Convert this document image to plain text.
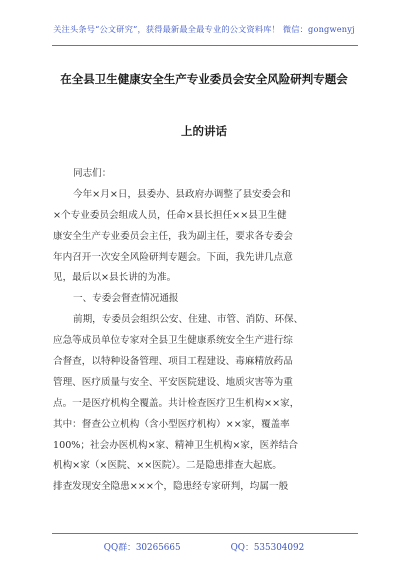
关注头条号“公文研究”，获得最新最全最专业的公文资料库！ 微信：gongwenyj
在全县卫生健康安全生产专业委员会安全风险研判专题会
上的讲话
同志们：
今年×月×日，县委办、县政府办调整了县安委会和
×个专业委员会组成人员，任命×县长担任××县卫生健
康安全生产专业委员会主任，我为副主任，要求各专委会
年内召开一次安全风险研判专题会。下面，我先讲几点意
见，最后以×县长讲的为准。
一、专委会督查情况通报
前期，专委员会组织公安、住建、市管、消防、环保、
应急等成员单位专家对全县卫生健康系统安全生产进行综
合督查，以特种设备管理、项目工程建设、毒麻精放药品
管理、医疗质量与安全、平安医院建设、地质灾害等为重
点。一是医疗机构全覆盖。共计检查医疗卫生机构××家，
其中：督查公立机构（含小型医疗机构）××家，覆盖率
100%；社会办医机构×家、精神卫生机构×家，医养结合
机构×家（×医院、××医院）。二是隐患排查大起底。
排查发现安全隐患×××个，隐患经专家研判，均属一般
QQ群：30265665	QQ：535304092
